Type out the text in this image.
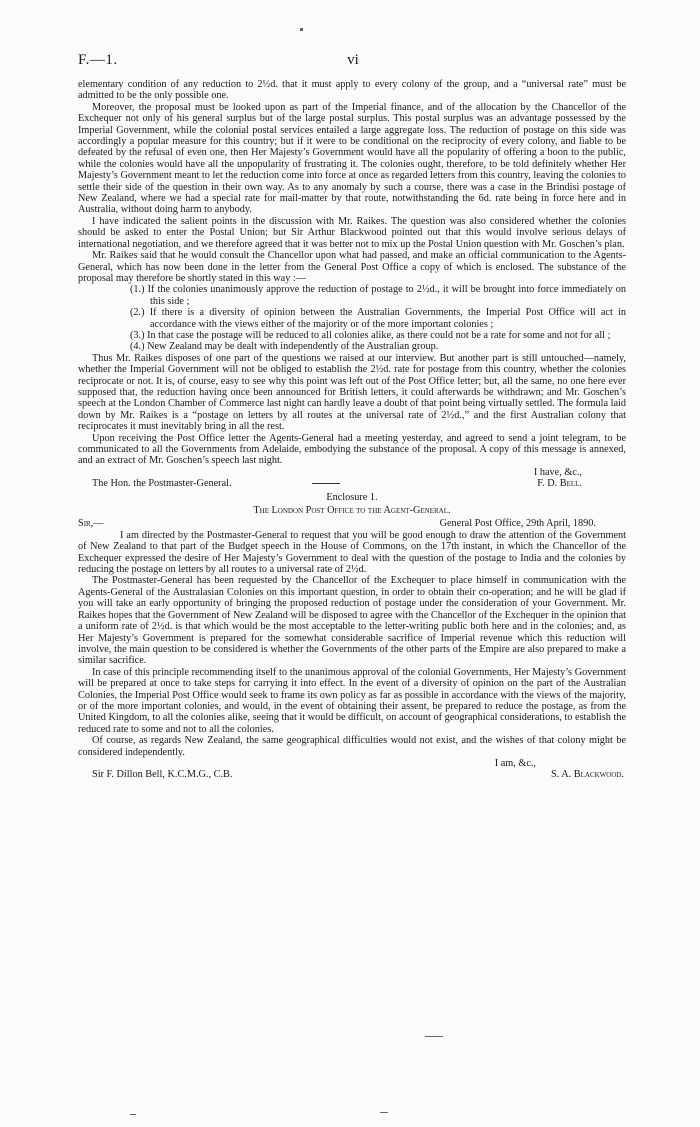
F.—1.	vi

elementary condition of any reduction to 2½d. that it must apply to every colony of the group, and a “universal rate” must be admitted to be the only possible one.

Moreover, the proposal must be looked upon as part of the Imperial finance, and of the allocation by the Chancellor of the Exchequer not only of his general surplus but of the large postal surplus. This postal surplus was an advantage possessed by the Imperial Government, while the colonial postal services entailed a large aggregate loss. The reduction of postage on this side was accordingly a popular measure for this country; but if it were to be conditional on the reciprocity of every colony, and liable to be defeated by the refusal of even one, then Her Majesty’s Government would have all the popularity of offering a boon to the public, while the colonies would have all the unpopularity of frustrating it. The colonies ought, therefore, to be told definitely whether Her Majesty’s Government meant to let the reduction come into force at once as regarded letters from this country, leaving the colonies to settle their side of the question in their own way. As to any anomaly by such a course, there was a case in the Brindisi postage of New Zealand, where we had a special rate for mail-matter by that route, notwithstanding the 6d. rate being in force here and in Australia, without doing harm to anybody.

I have indicated the salient points in the discussion with Mr. Raikes. The question was also considered whether the colonies should be asked to enter the Postal Union; but Sir Arthur Blackwood pointed out that this would involve serious delays of international negotiation, and we therefore agreed that it was better not to mix up the Postal Union question with Mr. Goschen’s plan.

Mr. Raikes said that he would consult the Chancellor upon what had passed, and make an official communication to the Agents-General, which has now been done in the letter from the General Post Office a copy of which is enclosed. The substance of the proposal may therefore be shortly stated in this way :—

(1.) If the colonies unanimously approve the reduction of postage to 2½d., it will be brought into force immediately on this side ;
(2.) If there is a diversity of opinion between the Australian Governments, the Imperial Post Office will act in accordance with the views either of the majority or of the more important colonies ;
(3.) In that case the postage will be reduced to all colonies alike, as there could not be a rate for some and not for all ;
(4.) New Zealand may be dealt with independently of the Australian group.

Thus Mr. Raikes disposes of one part of the questions we raised at our interview. But another part is still untouched—namely, whether the Imperial Government will not be obliged to establish the 2½d. rate for postage from this country, whether the colonies reciprocate or not. It is, of course, easy to see why this point was left out of the Post Office letter; but, all the same, no one here ever supposed that, the reduction having once been announced for British letters, it could afterwards be withdrawn; and Mr. Goschen’s speech at the London Chamber of Commerce last night can hardly leave a doubt of that point being virtually settled. The formula laid down by Mr. Raikes is a “postage on letters by all routes at the universal rate of 2½d.,” and the first Australian colony that reciprocates it must inevitably bring in all the rest.

Upon receiving the Post Office letter the Agents-General had a meeting yesterday, and agreed to send a joint telegram, to be communicated to all the Governments from Adelaide, embodying the substance of the proposal. A copy of this message is annexed, and an extract of Mr. Goschen’s speech last night.

I have, &c.,
The Hon. the Postmaster-General.	F. D. Bell.

Enclosure 1.

The London Post Office to the Agent-General.

Sir,—	General Post Office, 29th April, 1890.

I am directed by the Postmaster-General to request that you will be good enough to draw the attention of the Government of New Zealand to that part of the Budget speech in the House of Commons, on the 17th instant, in which the Chancellor of the Exchequer expressed the desire of Her Majesty’s Government to deal with the question of the postage to India and the colonies by reducing the postage on letters by all routes to a universal rate of 2½d.

The Postmaster-General has been requested by the Chancellor of the Exchequer to place himself in communication with the Agents-General of the Australasian Colonies on this important question, in order to obtain their co-operation; and he will be glad if you will take an early opportunity of bringing the proposed reduction of postage under the consideration of your Government. Mr. Raikes hopes that the Government of New Zealand will be disposed to agree with the Chancellor of the Exchequer in the opinion that a uniform rate of 2½d. is that which would be the most acceptable to the letter-writing public both here and in the colonies; and, as Her Majesty’s Government is prepared for the somewhat considerable sacrifice of Imperial revenue which this reduction will involve, the main question to be considered is whether the Governments of the other parts of the Empire are also prepared to make a similar sacrifice.

In case of this principle recommending itself to the unanimous approval of the colonial Governments, Her Majesty’s Government will be prepared at once to take steps for carrying it into effect. In the event of a diversity of opinion on the part of the Australian Colonies, the Imperial Post Office would seek to frame its own policy as far as possible in accordance with the views of the majority, or of the more important colonies, and would, in the event of obtaining their assent, be prepared to reduce the postage, as from the United Kingdom, to all the colonies alike, seeing that it would be difficult, on account of geographical considerations, to establish the reduced rate to some and not to all the colonies.

Of course, as regards New Zealand, the same geographical difficulties would not exist, and the wishes of that colony might be considered independently.

I am, &c.,
Sir F. Dillon Bell, K.C.M.G., C.B.	S. A. Blackwood.
